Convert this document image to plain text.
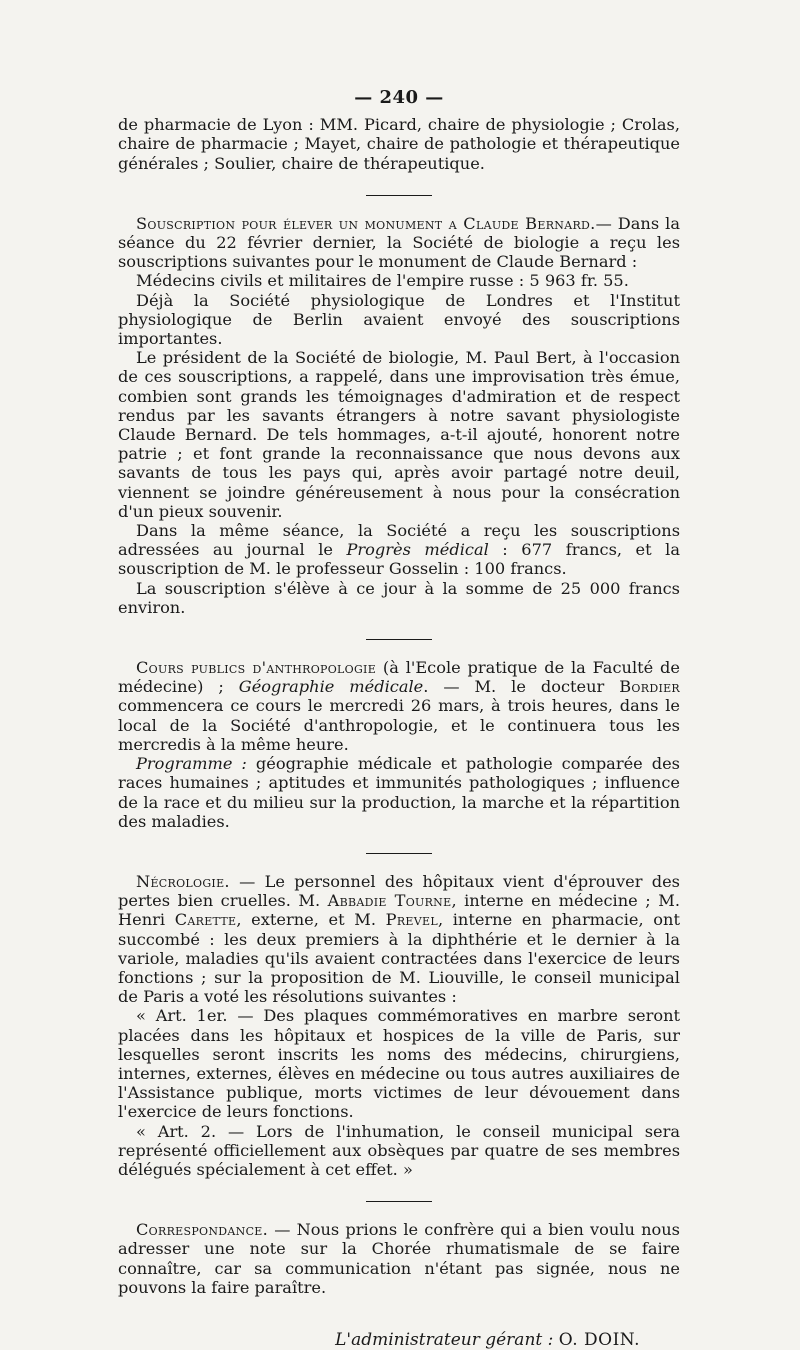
— 240 —

de pharmacie de Lyon : MM. Picard, chaire de physiologie ; Crolas, chaire de pharmacie ; Mayet, chaire de pathologie et thérapeutique générales ; Soulier, chaire de thérapeutique.

Souscription pour élever un monument a Claude Bernard.— Dans la séance du 22 février dernier, la Société de biologie a reçu les souscriptions suivantes pour le monument de Claude Bernard :

Médecins civils et militaires de l'empire russe : 5 963 fr. 55.

Déjà la Société physiologique de Londres et l'Institut physiologique de Berlin avaient envoyé des souscriptions importantes.

Le président de la Société de biologie, M. Paul Bert, à l'occasion de ces souscriptions, a rappelé, dans une improvisation très émue, combien sont grands les témoignages d'admiration et de respect rendus par les savants étrangers à notre savant physiologiste Claude Bernard. De tels hommages, a-t-il ajouté, honorent notre patrie ; et font grande la reconnaissance que nous devons aux savants de tous les pays qui, après avoir partagé notre deuil, viennent se joindre généreusement à nous pour la consécration d'un pieux souvenir.

Dans la même séance, la Société a reçu les souscriptions adressées au journal le Progrès médical : 677 francs, et la souscription de M. le professeur Gosselin : 100 francs.

La souscription s'élève à ce jour à la somme de 25 000 francs environ.

Cours publics d'anthropologie (à l'Ecole pratique de la Faculté de médecine) ; Géographie médicale. — M. le docteur Bordier commencera ce cours le mercredi 26 mars, à trois heures, dans le local de la Société d'anthropologie, et le continuera tous les mercredis à la même heure.

Programme : géographie médicale et pathologie comparée des races humaines ; aptitudes et immunités pathologiques ; influence de la race et du milieu sur la production, la marche et la répartition des maladies.

Nécrologie. — Le personnel des hôpitaux vient d'éprouver des pertes bien cruelles. M. Abbadie Tourne, interne en médecine ; M. Henri Carette, externe, et M. Prevel, interne en pharmacie, ont succombé : les deux premiers à la diphthérie et le dernier à la variole, maladies qu'ils avaient contractées dans l'exercice de leurs fonctions ; sur la proposition de M. Liouville, le conseil municipal de Paris a voté les résolutions suivantes :

« Art. 1er. — Des plaques commémoratives en marbre seront placées dans les hôpitaux et hospices de la ville de Paris, sur lesquelles seront inscrits les noms des médecins, chirurgiens, internes, externes, élèves en médecine ou tous autres auxiliaires de l'Assistance publique, morts victimes de leur dévouement dans l'exercice de leurs fonctions.

« Art. 2. — Lors de l'inhumation, le conseil municipal sera représenté officiellement aux obsèques par quatre de ses membres délégués spécialement à cet effet. »

Correspondance. — Nous prions le confrère qui a bien voulu nous adresser une note sur la Chorée rhumatismale de se faire connaître, car sa communication n'étant pas signée, nous ne pouvons la faire paraître.

L'administrateur gérant : O. DOIN.
